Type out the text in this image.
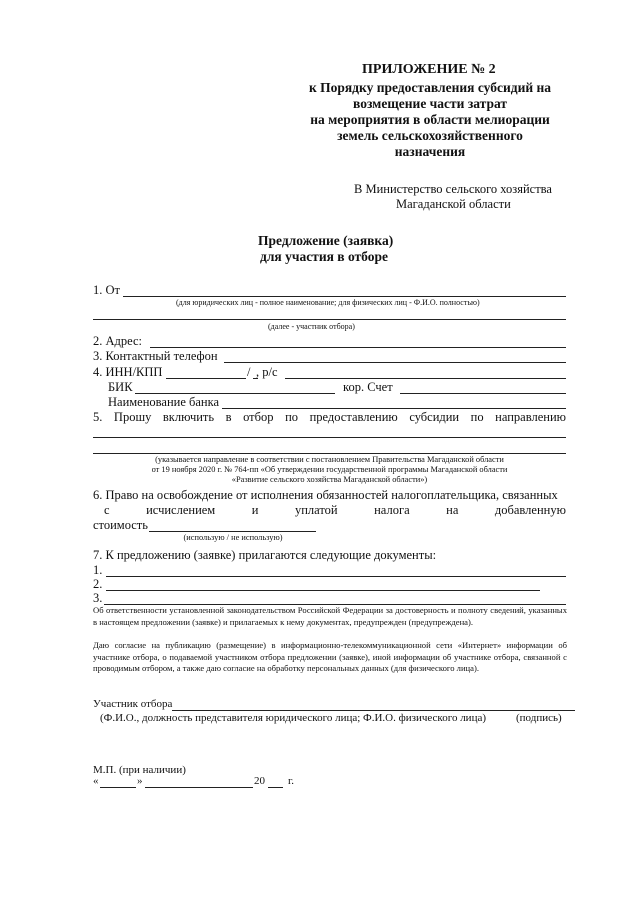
ПРИЛОЖЕНИЕ № 2
к Порядку предоставления субсидий на
возмещение части затрат
на мероприятия в области мелиорации
земель сельскохозяйственного
назначения
В Министерство сельского хозяйства
Магаданской области
Предложение (заявка)
для участия в отборе
1. От
(для юридических лиц - полное наименование; для физических лиц - Ф.И.О. полностью)
(далее - участник отбора)
2. Адрес:
3. Контактный телефон
4. ИНН/КПП	/ , р/с
БИК	кор. Счет
Наименование банка
5. Прошу включить в отбор по предоставлению субсидии по направлению
(указывается направление в соответствии с постановлением Правительства Магаданской области
от 19 ноября 2020 г. № 764-пп «Об утверждении государственной программы Магаданской области
«Развитие сельского хозяйства Магаданской области»)
6. Право на освобождение от исполнения обязанностей налогоплательщика, связанных
с	исчислением	и	уплатой	налога	на	добавленную
стоимость
(использую / не использую)
7. К предложению (заявке) прилагаются следующие документы:
1.
2.
3.
Об ответственности установленной законодательством Российской Федерации за достоверность и полноту сведений, указанных в настоящем предложении (заявке) и прилагаемых к нему документах, предупрежден (предупреждена).
Даю согласие на публикацию (размещение) в информационно-телекоммуникационной сети «Интернет» информации об участнике отбора, о подаваемой участником отбора предложении (заявке), иной информации об участнике отбора, связанной с проводимым отбором, а также даю согласие на обработку персональных данных (для физического лица).
Участник отбора
(Ф.И.О., должность представителя юридического лица; Ф.И.О. физического лица)	(подпись)
М.П. (при наличии)
«	»	20 г.
